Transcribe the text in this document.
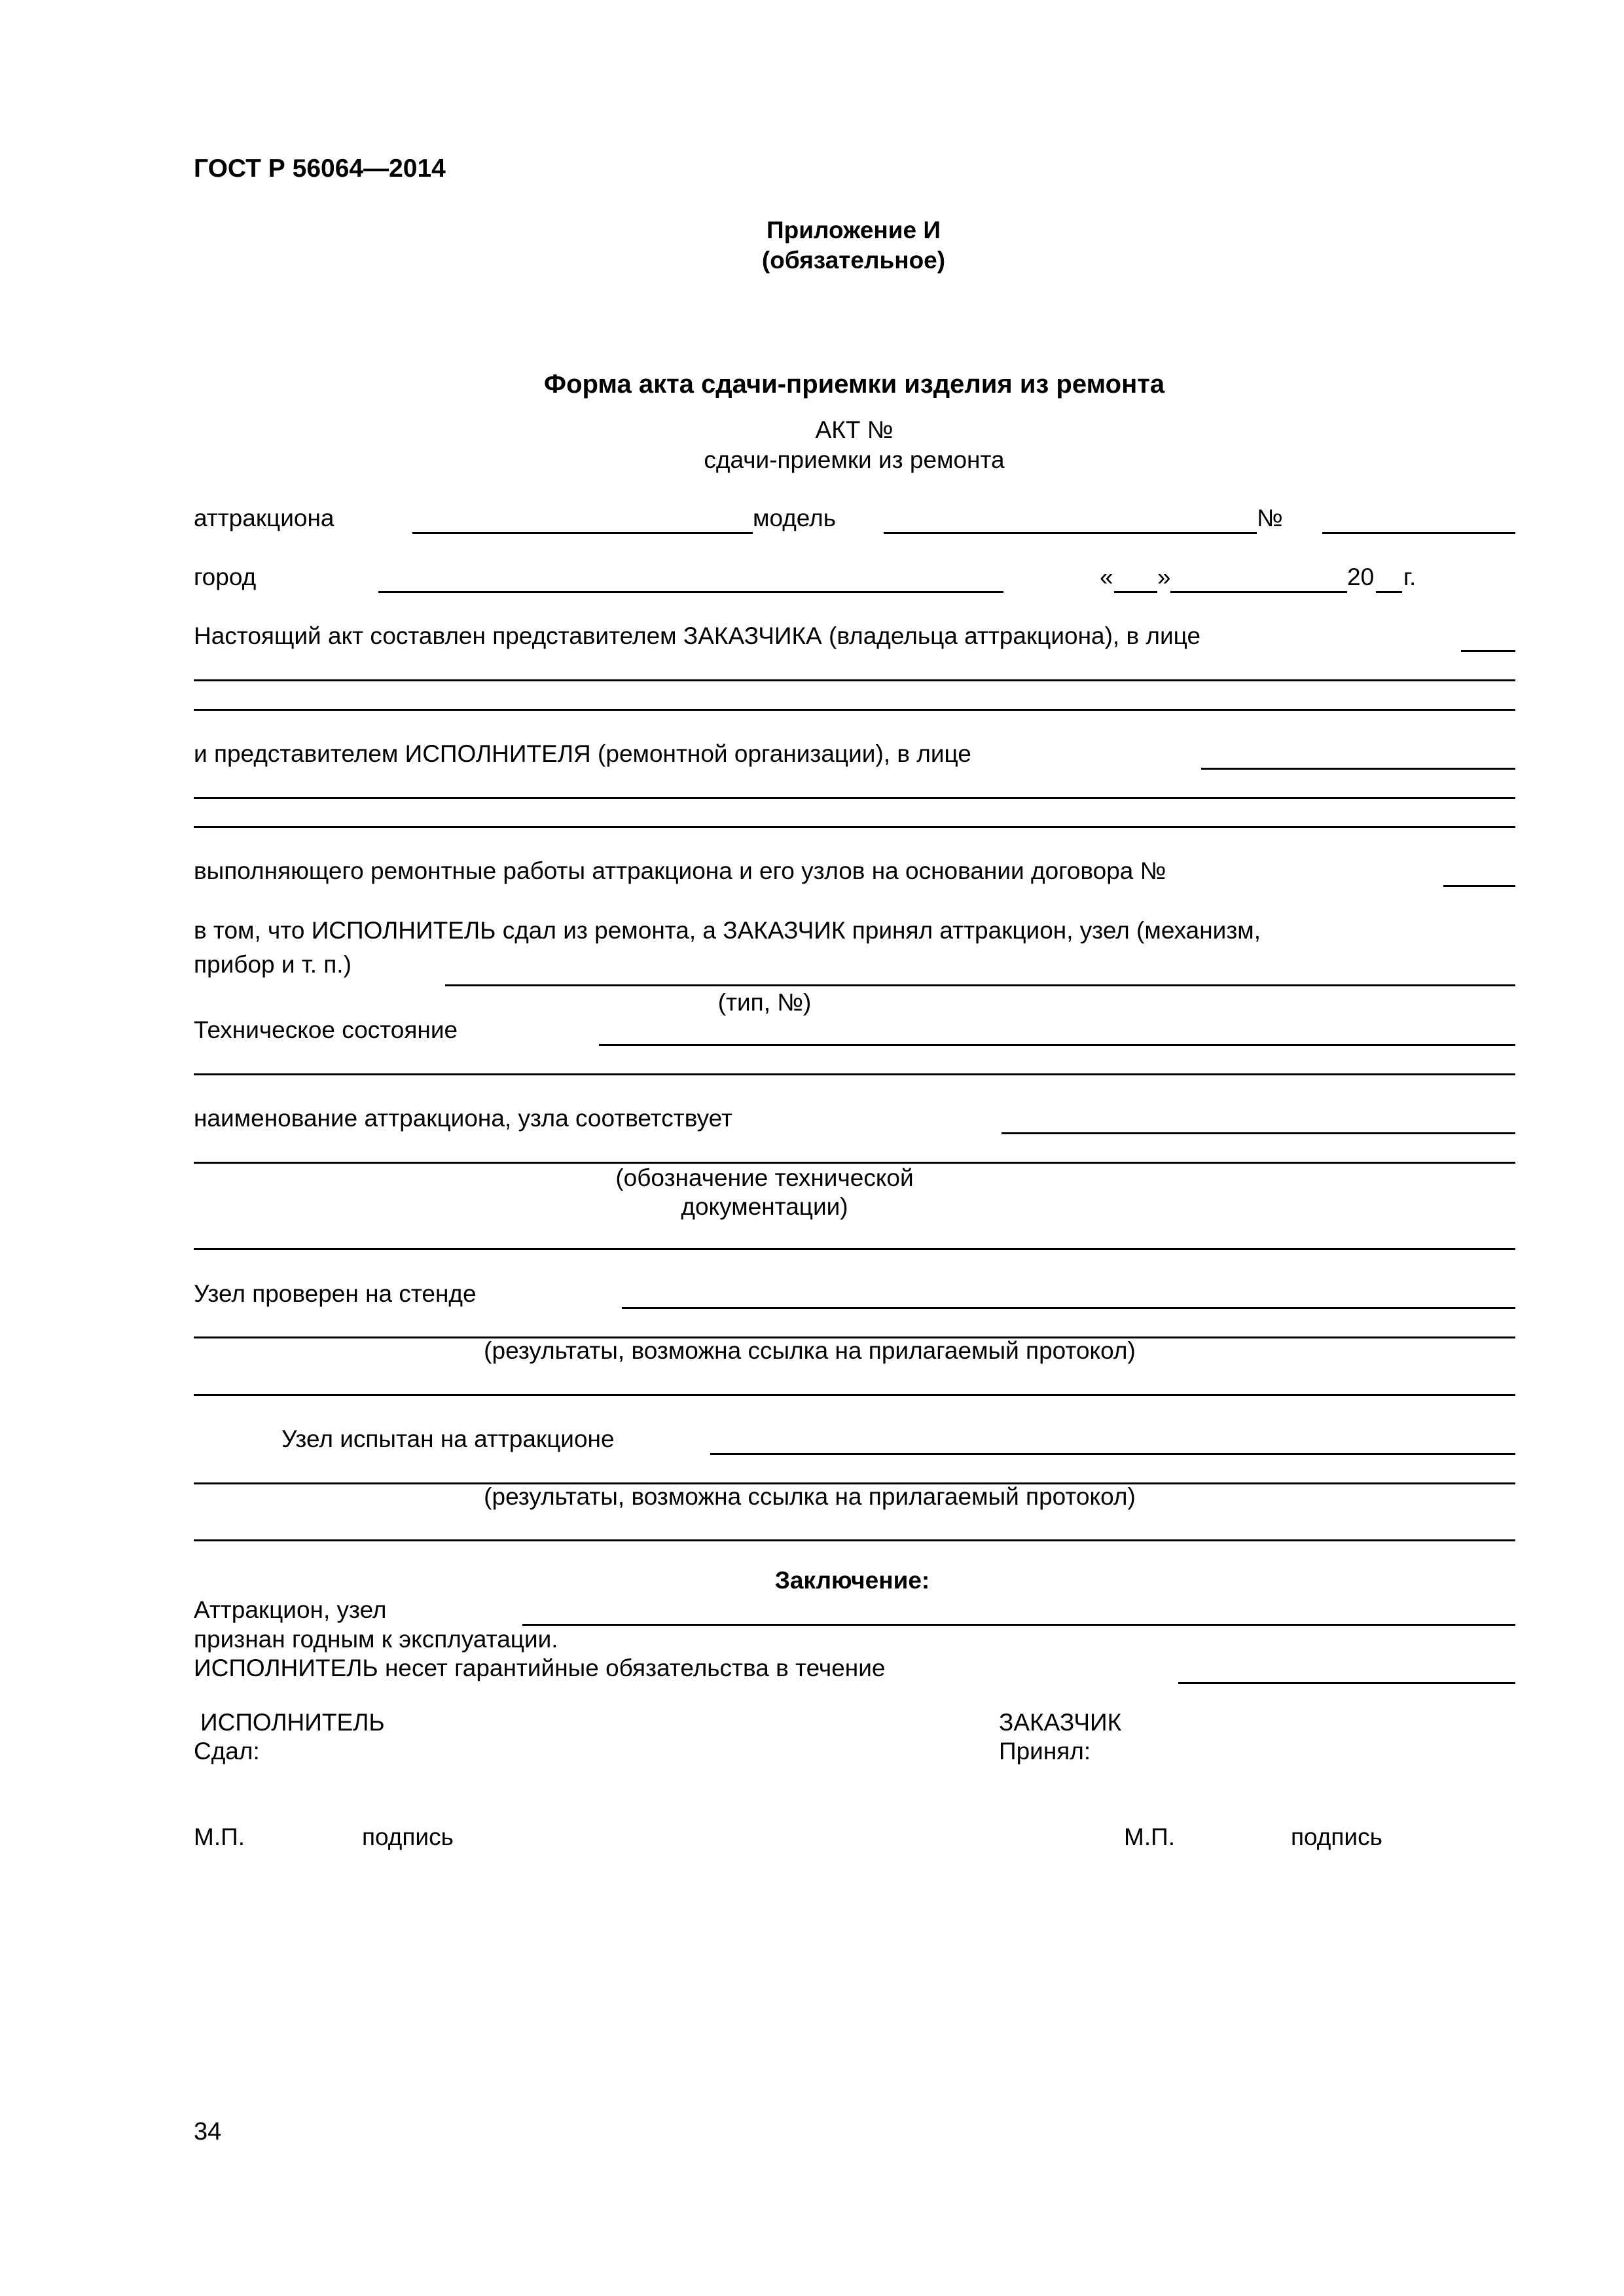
ГОСТ Р 56064—2014
Приложение И
(обязательное)
Форма акта сдачи-приемки изделия из ремонта
АКТ №
сдачи-приемки из ремонта
аттракциона	модель	№
город	« »	20 г.
Настоящий акт составлен представителем ЗАКАЗЧИКА (владельца аттракциона), в лице
и представителем ИСПОЛНИТЕЛЯ (ремонтной организации), в лице
выполняющего ремонтные работы аттракциона и его узлов на основании договора №
в том, что ИСПОЛНИТЕЛЬ сдал из ремонта, а ЗАКАЗЧИК принял аттракцион, узел (механизм,
прибор и т. п.)
(тип, №)
Техническое состояние
наименование аттракциона, узла соответствует
(обозначение технической
документации)
Узел проверен на стенде
(результаты, возможна ссылка на прилагаемый протокол)
Узел испытан на аттракционе
(результаты, возможна ссылка на прилагаемый протокол)
Заключение:
Аттракцион, узел
признан годным к эксплуатации.
ИСПОЛНИТЕЛЬ несет гарантийные обязательства в течение
ИСПОЛНИТЕЛЬ
Сдал:
ЗАКАЗЧИК
Принял:
М.П.	подпись	М.П.	подпись
34
